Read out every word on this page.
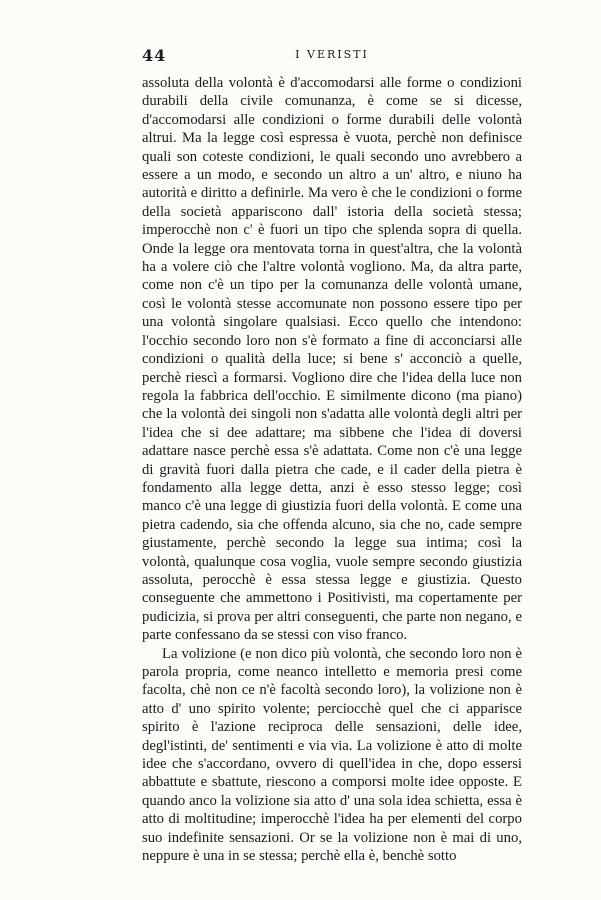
44	I VERISTI

assoluta della volontà è d'accomodarsi alle forme o condizioni durabili della civile comunanza, è come se si dicesse, d'accomodarsi alle condizioni o forme durabili delle volontà altrui. Ma la legge così espressa è vuota, perchè non definisce quali son coteste condizioni, le quali secondo uno avrebbero a essere a un modo, e secondo un altro a un' altro, e niuno ha autorità e diritto a definirle. Ma vero è che le condizioni o forme della società appariscono dall' istoria della società stessa; imperocchè non c' è fuori un tipo che splenda sopra di quella. Onde la legge ora mentovata torna in quest'altra, che la volontà ha a volere ciò che l'altre volontà vogliono. Ma, da altra parte, come non c'è un tipo per la comunanza delle volontà umane, così le volontà stesse accomunate non possono essere tipo per una volontà singolare qualsiasi. Ecco quello che intendono: l'occhio secondo loro non s'è formato a fine di acconciarsi alle condizioni o qualità della luce; si bene s' acconciò a quelle, perchè riescì a formarsi. Vogliono dire che l'idea della luce non regola la fabbrica dell'occhio. E similmente dicono (ma piano) che la volontà dei singoli non s'adatta alle volontà degli altri per l'idea che si dee adattare; ma sibbene che l'idea di doversi adattare nasce perchè essa s'è adattata. Come non c'è una legge di gravità fuori dalla pietra che cade, e il cader della pietra è fondamento alla legge detta, anzi è esso stesso legge; così manco c'è una legge di giustizia fuori della volontà. E come una pietra cadendo, sia che offenda alcuno, sia che no, cade sempre giustamente, perchè secondo la legge sua intima; così la volontà, qualunque cosa voglia, vuole sempre secondo giustizia assoluta, perocchè è essa stessa legge e giustizia. Questo conseguente che ammettono i Positivisti, ma copertamente per pudicizia, si prova per altri conseguenti, che parte non negano, e parte confessano da se stessi con viso franco.

La volizione (e non dico più volontà, che secondo loro non è parola propria, come neanco intelletto e memoria presi come facolta, chè non ce n'è facoltà secondo loro), la volizione non è atto d' uno spirito volente; perciocchè quel che ci apparisce spirito è l'azione reciproca delle sensazioni, delle idee, degl'istinti, de' sentimenti e via via. La volizione è atto di molte idee che s'accordano, ovvero di quell'idea in che, dopo essersi abbattute e sbattute, riescono a comporsi molte idee opposte. E quando anco la volizione sia atto d' una sola idea schietta, essa è atto di moltitudine; imperocchè l'idea ha per elementi del corpo suo indefinite sensazioni. Or se la volizione non è mai di uno, neppure è una in se stessa; perchè ella è, benchè sotto
